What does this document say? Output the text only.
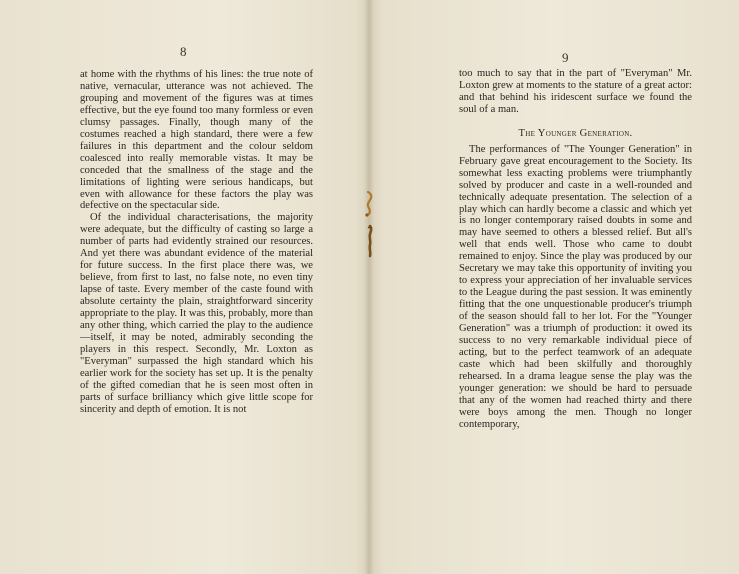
8

at home with the rhythms of his lines: the true note of native, vernacular, utterance was not achieved. The grouping and movement of the figures was at times effective, but the eye found too many formless or even clumsy passages. Finally, though many of the costumes reached a high standard, there were a few failures in this department and the colour seldom coalesced into really memorable vistas. It may be conceded that the smallness of the stage and the limitations of lighting were serious handicaps, but even with allowance for these factors the play was defective on the spectacular side.

Of the individual characterisations, the majority were adequate, but the difficulty of casting so large a number of parts had evidently strained our resources. And yet there was abundant evidence of the material for future success. In the first place there was, we believe, from first to last, no false note, no even tiny lapse of taste. Every member of the caste found with absolute certainty the plain, straightforward sincerity appropriate to the play. It was this, probably, more than any other thing, which carried the play to the audience—itself, it may be noted, admirably seconding the players in this respect. Secondly, Mr. Loxton as "Everyman" surpassed the high standard which his earlier work for the society has set up. It is the penalty of the gifted comedian that he is seen most often in parts of surface brilliancy which give little scope for sincerity and depth of emotion. It is not

9

too much to say that in the part of "Everyman" Mr. Loxton grew at moments to the stature of a great actor: and that behind his iridescent surface we found the soul of a man.

The Younger Generation.

The performances of "The Younger Generation" in February gave great encouragement to the Society. Its somewhat less exacting problems were triumphantly solved by producer and caste in a well-rounded and technically adequate presentation. The selection of a play which can hardly become a classic and which yet is no longer contemporary raised doubts in some and may have seemed to others a blessed relief. But all's well that ends well. Those who came to doubt remained to enjoy. Since the play was produced by our Secretary we may take this opportunity of inviting you to express your appreciation of her invaluable services to the League during the past session. It was eminently fitting that the one unquestionable producer's triumph of the season should fall to her lot. For the "Younger Generation" was a triumph of production: it owed its success to no very remarkable individual piece of acting, but to the perfect teamwork of an adequate caste which had been skilfully and thoroughly rehearsed. In a drama league sense the play was the younger generation: we should be hard to persuade that any of the women had reached thirty and there were boys among the men. Though no longer contemporary,
